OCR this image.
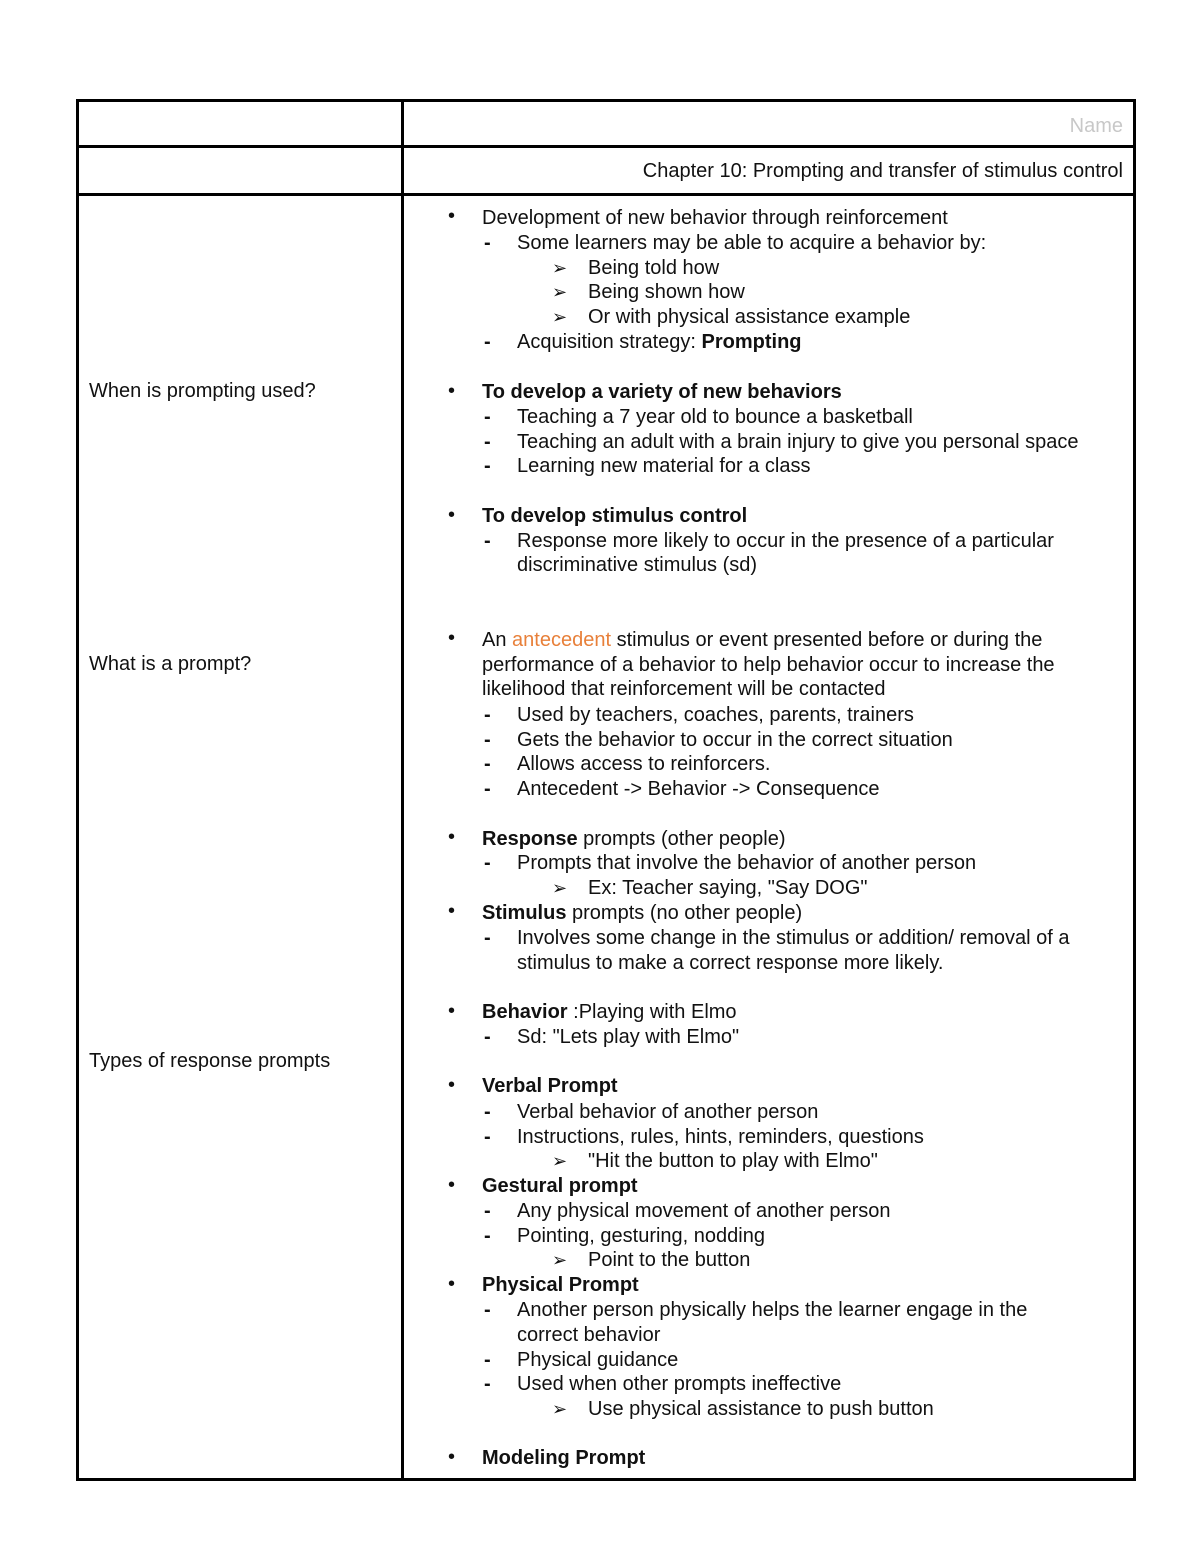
Name
Chapter 10: Prompting and transfer of stimulus control
When is prompting used?
What is a prompt?
Types of response prompts
• Development of new behavior through reinforcement
- Some learners may be able to acquire a behavior by:
➢ Being told how
➢ Being shown how
➢ Or with physical assistance example
- Acquisition strategy: Prompting
• To develop a variety of new behaviors
- Teaching a 7 year old to bounce a basketball
- Teaching an adult with a brain injury to give you personal space
- Learning new material for a class
• To develop stimulus control
- Response more likely to occur in the presence of a particular
discriminative stimulus (sd)
• An antecedent stimulus or event presented before or during the
performance of a behavior to help behavior occur to increase the
likelihood that reinforcement will be contacted
- Used by teachers, coaches, parents, trainers
- Gets the behavior to occur in the correct situation
- Allows access to reinforcers.
- Antecedent -> Behavior -> Consequence
• Response prompts (other people)
- Prompts that involve the behavior of another person
➢ Ex: Teacher saying, "Say DOG"
• Stimulus prompts (no other people)
- Involves some change in the stimulus or addition/ removal of a
stimulus to make a correct response more likely.
• Behavior :Playing with Elmo
- Sd: "Lets play with Elmo"
• Verbal Prompt
- Verbal behavior of another person
- Instructions, rules, hints, reminders, questions
➢ "Hit the button to play with Elmo"
• Gestural prompt
- Any physical movement of another person
- Pointing, gesturing, nodding
➢ Point to the button
• Physical Prompt
- Another person physically helps the learner engage in the
correct behavior
- Physical guidance
- Used when other prompts ineffective
➢ Use physical assistance to push button
• Modeling Prompt
